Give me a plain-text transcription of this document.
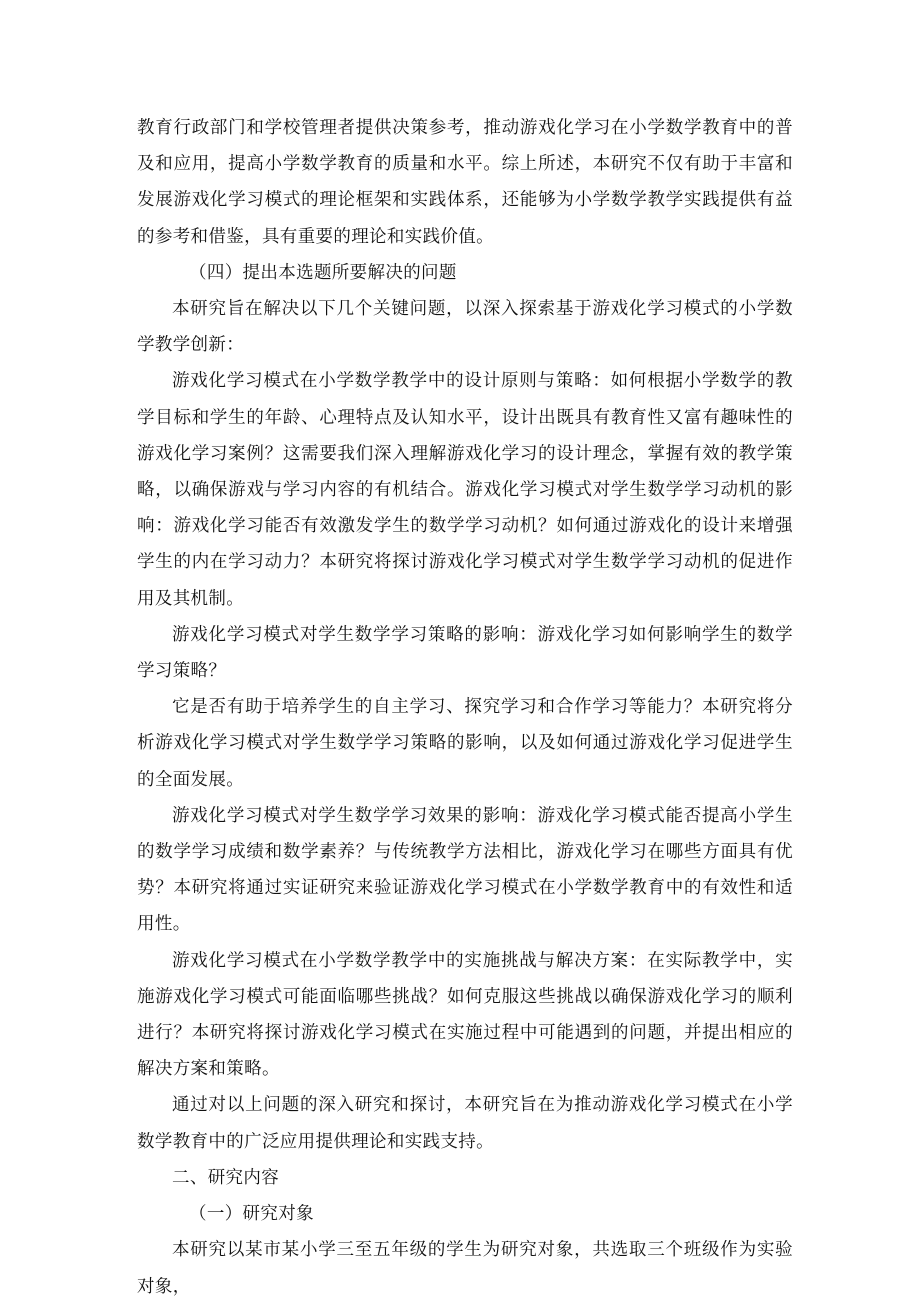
教育行政部门和学校管理者提供决策参考，推动游戏化学习在小学数学教育中的普及和应用，提高小学数学教育的质量和水平。综上所述，本研究不仅有助于丰富和发展游戏化学习模式的理论框架和实践体系，还能够为小学数学教学实践提供有益的参考和借鉴，具有重要的理论和实践价值。

（四）提出本选题所要解决的问题

本研究旨在解决以下几个关键问题，以深入探索基于游戏化学习模式的小学数学教学创新：

游戏化学习模式在小学数学教学中的设计原则与策略：如何根据小学数学的教学目标和学生的年龄、心理特点及认知水平，设计出既具有教育性又富有趣味性的游戏化学习案例？这需要我们深入理解游戏化学习的设计理念，掌握有效的教学策略，以确保游戏与学习内容的有机结合。游戏化学习模式对学生数学学习动机的影响：游戏化学习能否有效激发学生的数学学习动机？如何通过游戏化的设计来增强学生的内在学习动力？本研究将探讨游戏化学习模式对学生数学学习动机的促进作用及其机制。

游戏化学习模式对学生数学学习策略的影响：游戏化学习如何影响学生的数学学习策略？

它是否有助于培养学生的自主学习、探究学习和合作学习等能力？本研究将分析游戏化学习模式对学生数学学习策略的影响，以及如何通过游戏化学习促进学生的全面发展。

游戏化学习模式对学生数学学习效果的影响：游戏化学习模式能否提高小学生的数学学习成绩和数学素养？与传统教学方法相比，游戏化学习在哪些方面具有优势？本研究将通过实证研究来验证游戏化学习模式在小学数学教育中的有效性和适用性。

游戏化学习模式在小学数学教学中的实施挑战与解决方案：在实际教学中，实施游戏化学习模式可能面临哪些挑战？如何克服这些挑战以确保游戏化学习的顺利进行？本研究将探讨游戏化学习模式在实施过程中可能遇到的问题，并提出相应的解决方案和策略。

通过对以上问题的深入研究和探讨，本研究旨在为推动游戏化学习模式在小学数学教育中的广泛应用提供理论和实践支持。

二、研究内容

（一）研究对象

本研究以某市某小学三至五年级的学生为研究对象，共选取三个班级作为实验对象，
